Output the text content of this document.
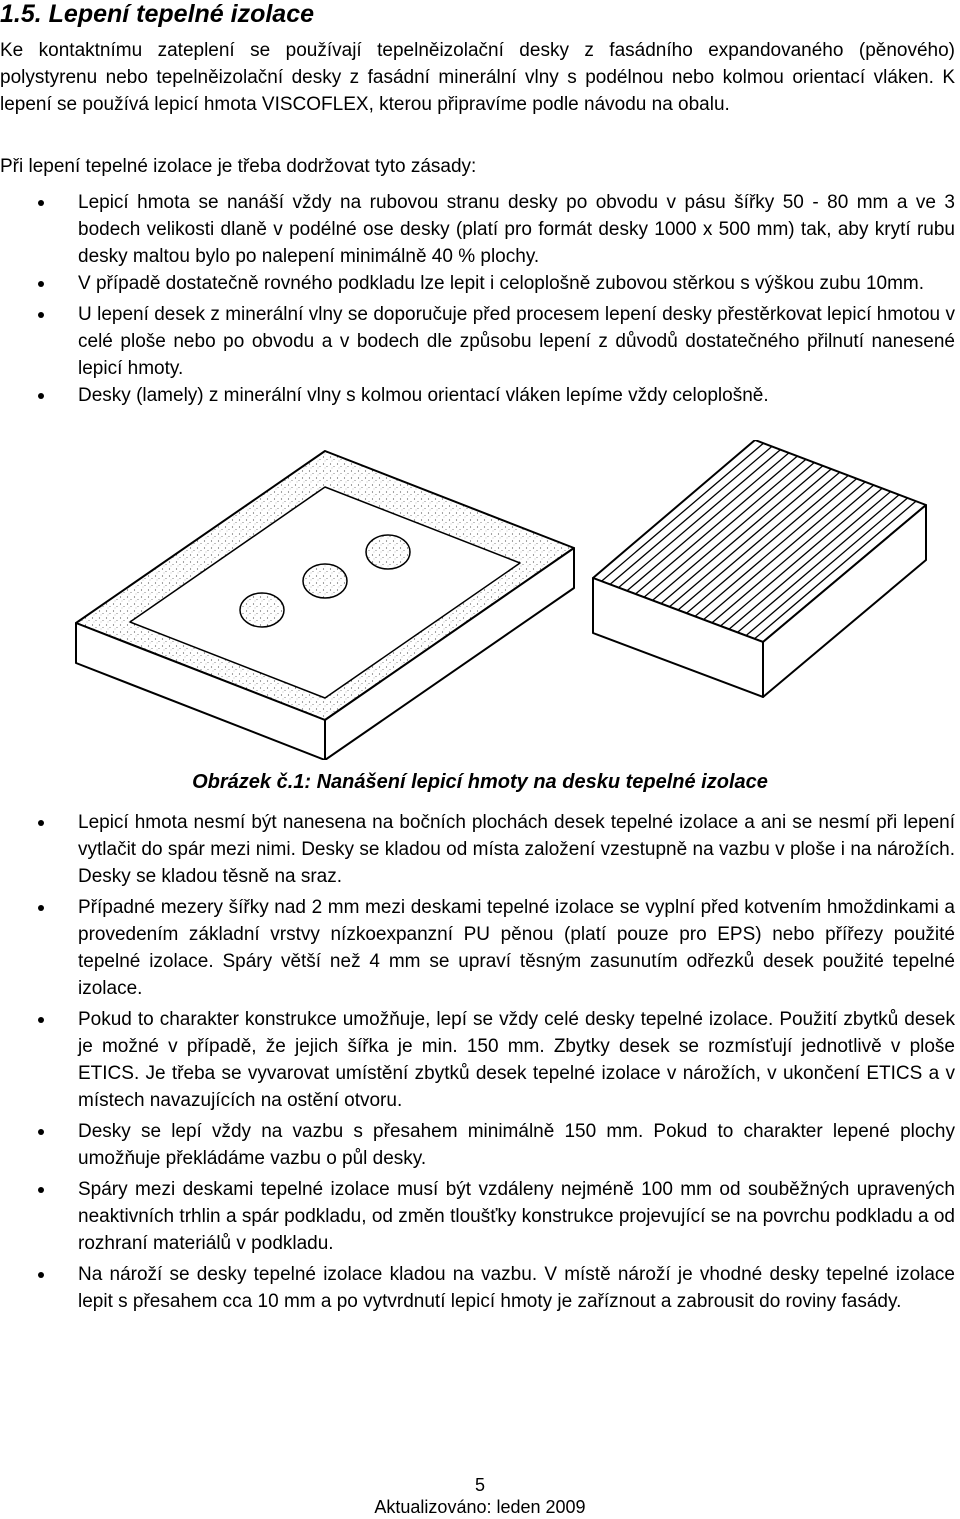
1.5. Lepení tepelné izolace

Ke kontaktnímu zateplení se používají tepelněizolační desky z fasádního expandovaného (pěnového) polystyrenu nebo tepelněizolační desky z fasádní minerální vlny s podélnou nebo kolmou orientací vláken. K lepení se používá lepicí hmota VISCOFLEX, kterou připravíme podle návodu na obalu.

Při lepení tepelné izolace je třeba dodržovat tyto zásady:

Lepicí hmota se nanáší vždy na rubovou stranu desky po obvodu v pásu šířky 50 - 80 mm a ve 3 bodech velikosti dlaně v podélné ose desky (platí pro formát desky 1000 x 500 mm) tak, aby krytí rubu desky maltou bylo po nalepení minimálně 40 % plochy.
V případě dostatečně rovného podkladu lze lepit i celoplošně zubovou stěrkou s výškou zubu 10mm.
U lepení desek z minerální vlny se doporučuje před procesem lepení desky přestěrkovat lepicí hmotou v celé ploše nebo po obvodu a v bodech dle způsobu lepení z důvodů dostatečného přilnutí nanesené lepicí hmoty.
Desky (lamely) z minerální vlny s kolmou orientací vláken lepíme vždy celoplošně.
Obrázek č.1: Nanášení lepicí hmoty na desku tepelné izolace
Lepicí hmota nesmí být nanesena na bočních plochách desek tepelné izolace a ani se nesmí při lepení vytlačit do spár mezi nimi. Desky se kladou od místa založení vzestupně na vazbu v ploše i na nárožích. Desky se kladou těsně na sraz.
Případné mezery šířky nad 2 mm mezi deskami tepelné izolace se vyplní před kotvením hmoždinkami a provedením základní vrstvy nízkoexpanzní PU pěnou (platí pouze pro EPS) nebo přířezy použité tepelné izolace. Spáry větší než 4 mm se upraví těsným zasunutím odřezků desek použité tepelné izolace.
Pokud to charakter konstrukce umožňuje, lepí se vždy celé desky tepelné izolace. Použití zbytků desek je možné v případě, že jejich šířka je min. 150 mm. Zbytky desek se rozmísťují jednotlivě v ploše ETICS. Je třeba se vyvarovat umístění zbytků desek tepelné izolace v nárožích, v ukončení ETICS a v místech navazujících na ostění otvoru.
Desky se lepí vždy na vazbu s přesahem minimálně 150 mm. Pokud to charakter lepené plochy umožňuje překládáme vazbu o půl desky.
Spáry mezi deskami tepelné izolace musí být vzdáleny nejméně 100 mm od souběžných upravených neaktivních trhlin a spár podkladu, od změn tloušťky konstrukce projevující se na povrchu podkladu a od rozhraní materiálů v podkladu.
Na nároží se desky tepelné izolace kladou na vazbu. V místě nároží je vhodné desky tepelné izolace lepit s přesahem cca 10 mm a po vytvrdnutí lepicí hmoty je zaříznout a zabrousit do roviny fasády.
5
Aktualizováno: leden 2009
